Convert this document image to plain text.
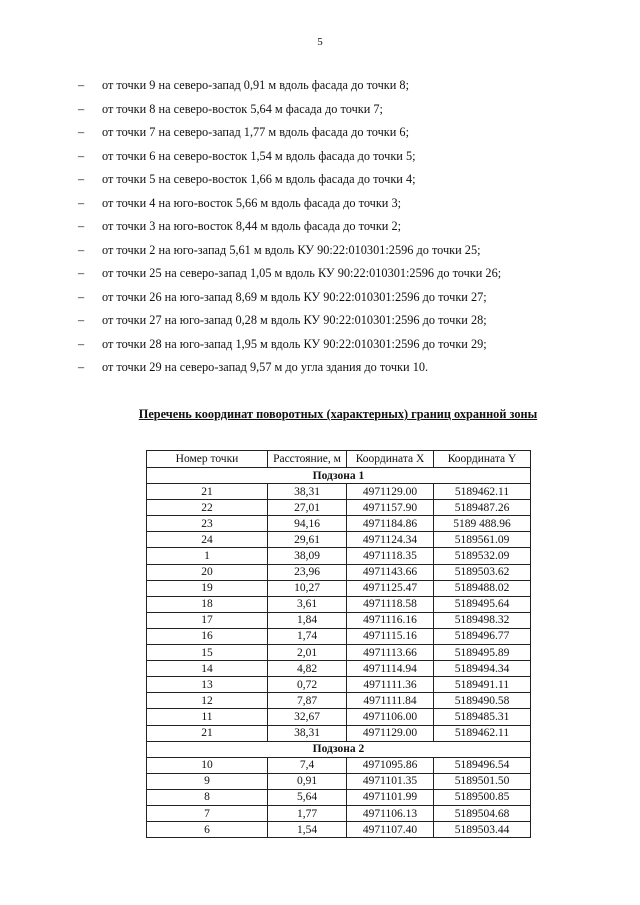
5
–	от точки 9 на северо-запад 0,91 м вдоль фасада до точки 8;
–	от точки 8 на северо-восток 5,64 м фасада до точки 7;
–	от точки 7 на северо-запад 1,77 м вдоль фасада до точки 6;
–	от точки 6 на северо-восток 1,54 м вдоль фасада до точки 5;
–	от точки 5 на северо-восток 1,66 м вдоль фасада до точки 4;
–	от точки 4 на юго-восток 5,66 м вдоль фасада до точки 3;
–	от точки 3 на юго-восток 8,44 м вдоль фасада до точки 2;
–	от точки 2 на юго-запад 5,61 м вдоль КУ 90:22:010301:2596 до точки 25;
–	от точки 25 на северо-запад 1,05 м вдоль КУ 90:22:010301:2596 до точки 26;
–	от точки 26 на юго-запад 8,69 м вдоль КУ 90:22:010301:2596 до точки 27;
–	от точки 27 на юго-запад 0,28 м вдоль КУ 90:22:010301:2596 до точки 28;
–	от точки 28 на юго-запад 1,95 м вдоль КУ 90:22:010301:2596 до точки 29;
–	от точки 29 на северо-запад 9,57 м до угла здания до точки 10.
Перечень координат поворотных (характерных) границ охранной зоны
Номер точки	Расстояние, м	Координата X	Координата Y
Подзона 1			
21	38,31	4971129.00	5189462.11
22	27,01	4971157.90	5189487.26
23	94,16	4971184.86	5189 488.96
24	29,61	4971124.34	5189561.09
1	38,09	4971118.35	5189532.09
20	23,96	4971143.66	5189503.62
19	10,27	4971125.47	5189488.02
18	3,61	4971118.58	5189495.64
17	1,84	4971116.16	5189498.32
16	1,74	4971115.16	5189496.77
15	2,01	4971113.66	5189495.89
14	4,82	4971114.94	5189494.34
13	0,72	4971111.36	5189491.11
12	7,87	4971111.84	5189490.58
11	32,67	4971106.00	5189485.31
21	38,31	4971129.00	5189462.11
Подзона 2			
10	7,4	4971095.86	5189496.54
9	0,91	4971101.35	5189501.50
8	5,64	4971101.99	5189500.85
7	1,77	4971106.13	5189504.68
6	1,54	4971107.40	5189503.44
